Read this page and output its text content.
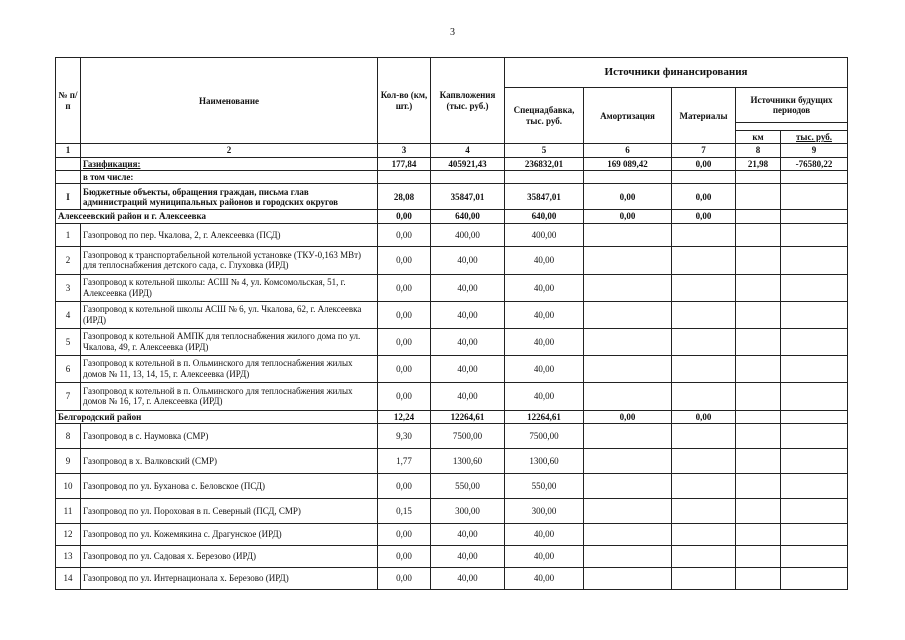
3
№ п/п	Наименование	Кол-во (км, шт.)	Капвложения (тыс. руб.)	Источники финансирования				
				Спецнадбавка, тыс. руб.	Амортизация	Материалы	Источники будущих периодов	

							км	тыс. руб.
1	2	3	4	5	6	7	8	9
	Газификация:	177,84	405921,43	236832,01	169 089,42	0,00	21,98	-76580,22
	в том числе:							
I	Бюджетные объекты, обращения граждан, письма глав администраций муниципальных районов и городских округов	28,08	35847,01	35847,01	0,00	0,00		
Алексеевский район и г. Алексеевка		0,00	640,00	640,00	0,00	0,00		
1	Газопровод по пер. Чкалова, 2, г. Алексеевка (ПСД)	0,00	400,00	400,00				
2	Газопровод к транспортабельной котельной установке (ТКУ-0,163 МВт) для теплоснабжения детского сада, с. Глуховка (ИРД)	0,00	40,00	40,00				
3	Газопровод к котельной школы: АСШ № 4, ул. Комсомольская, 51, г. Алексеевка (ИРД)	0,00	40,00	40,00				
4	Газопровод к котельной школы АСШ № 6, ул. Чкалова, 62, г. Алексеевка (ИРД)	0,00	40,00	40,00				
5	Газопровод к котельной АМПК для теплоснабжения жилого дома по ул. Чкалова, 49, г. Алексеевка (ИРД)	0,00	40,00	40,00				
6	Газопровод к котельной в п. Ольминского для теплоснабжения жилых домов № 11, 13, 14, 15, г. Алексеевка (ИРД)	0,00	40,00	40,00				
7	Газопровод к котельной в п. Ольминского для теплоснабжения жилых домов № 16, 17, г. Алексеевка (ИРД)	0,00	40,00	40,00				
Белгородский район		12,24	12264,61	12264,61	0,00	0,00		
8	Газопровод в с. Наумовка (СМР)	9,30	7500,00	7500,00				
9	Газопровод в х. Валковский (СМР)	1,77	1300,60	1300,60				
10	Газопровод по ул. Буханова с. Беловское (ПСД)	0,00	550,00	550,00				
11	Газопровод по ул. Пороховая в п. Северный (ПСД, СМР)	0,15	300,00	300,00				
12	Газопровод по ул. Кожемякина с. Драгунское (ИРД)	0,00	40,00	40,00				
13	Газопровод по ул. Садовая х. Березово (ИРД)	0,00	40,00	40,00				
14	Газопровод по ул. Интернационала х. Березово (ИРД)	0,00	40,00	40,00				
